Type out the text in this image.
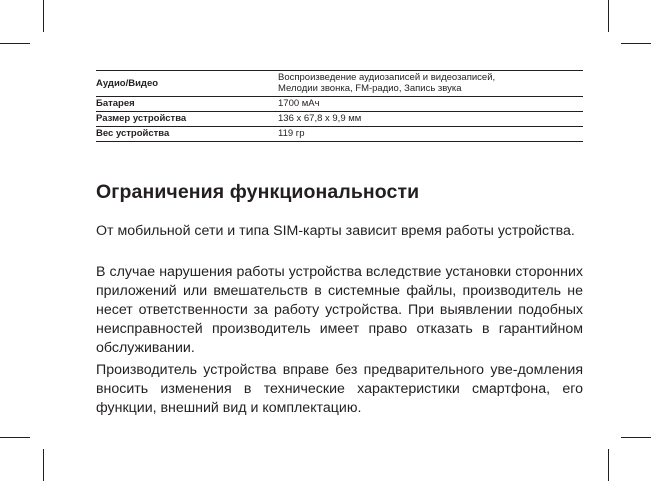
Аудио/Видео	Воспроизведение аудиозаписей и видеозаписей,
Мелодии звонка, FM-радио, Запись звука
Батарея	1700 мАч
Размер устройства	136 x 67,8 x 9,9 мм
Вес устройства	119 гр
Ограничения функциональности

От мобильной сети и типа SIM-карты зависит время работы устройства.

В случае нарушения работы устройства вследствие установки сторонних приложений или вмешательств в системные файлы, производитель не несет ответственности за работу устройства. При выявлении подобных неисправностей производитель имеет право отказать в гарантийном обслуживании.

Производитель устройства вправе без предварительного уве-домления вносить изменения в технические характеристики смартфона, его функции, внешний вид и комплектацию.
